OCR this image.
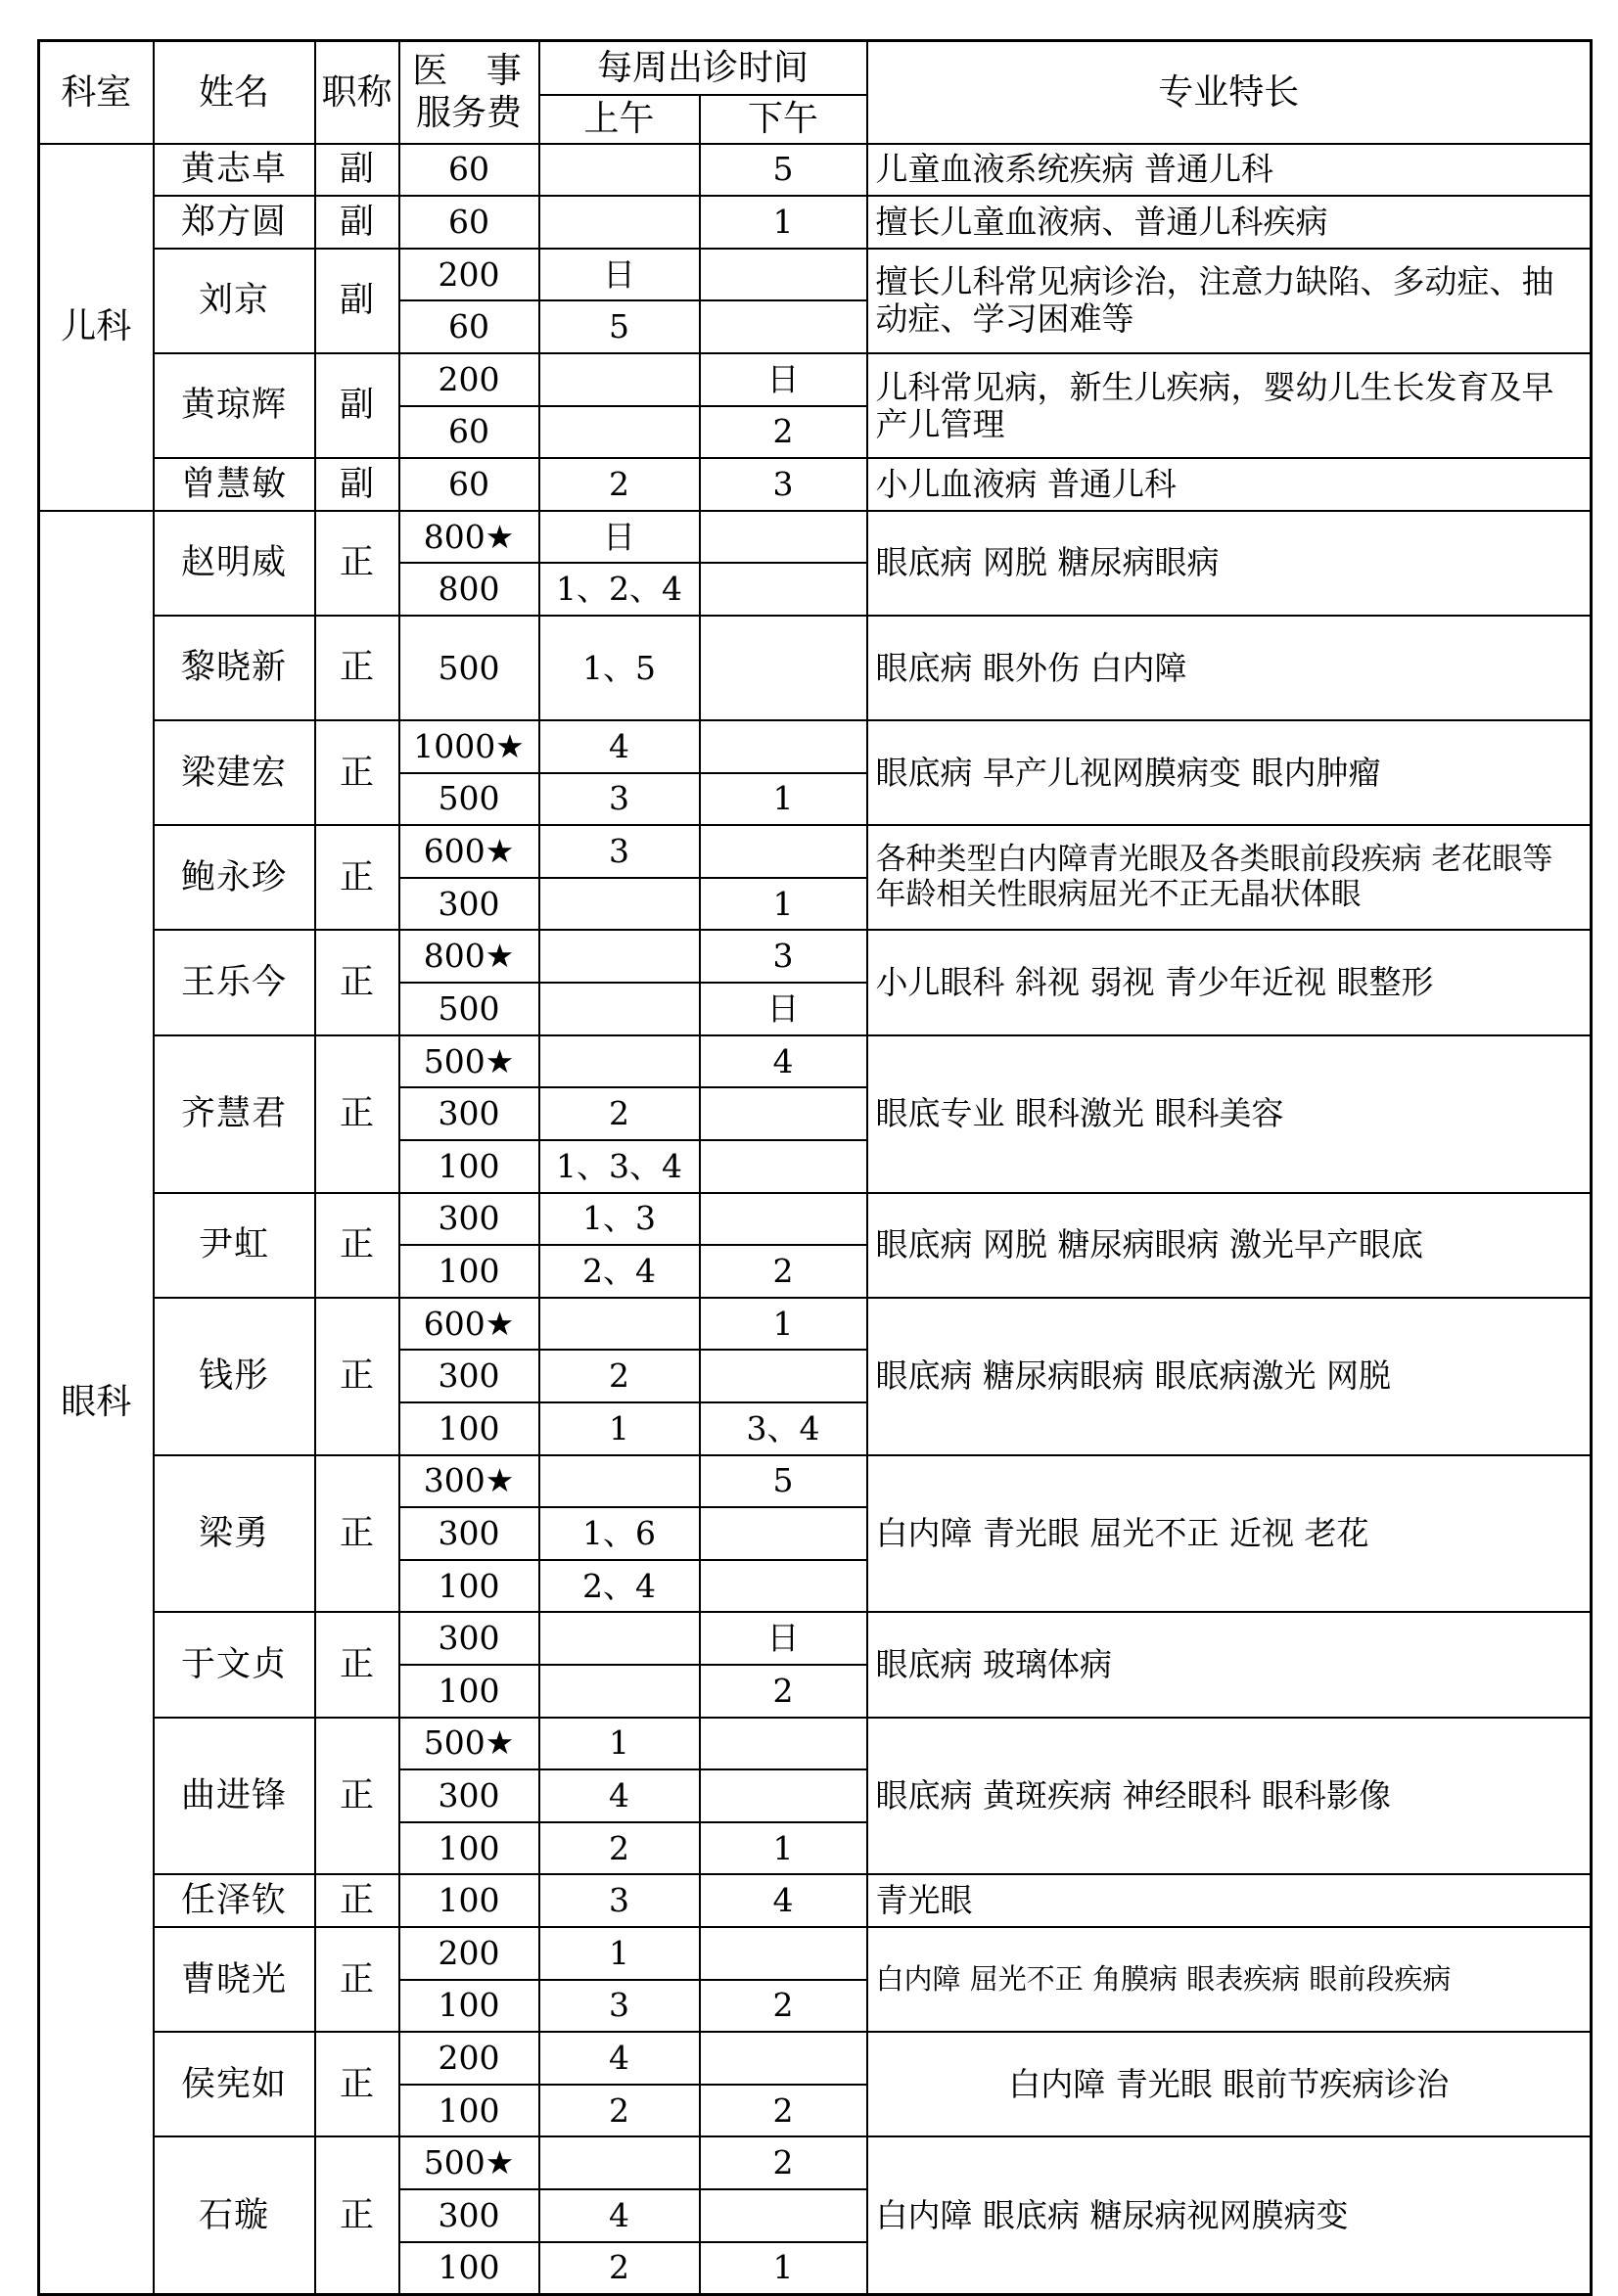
科室	姓名	职称	医 事
服务费	每周出诊时间		专业特长
				上午	下午	
儿科	黄志卓	副	60		5	儿童血液系统疾病 普通儿科
	郑方圆	副	60		1	擅长儿童血液病、普通儿科疾病
	刘京	副	200	日		擅长儿科常见病诊治，注意力缺陷、多动症、抽动症、学习困难等
			60	5		
	黄琼辉	副	200		日	儿科常见病，新生儿疾病，婴幼儿生长发育及早产儿管理
			60		2	
	曾慧敏	副	60	2	3	小儿血液病 普通儿科
眼科	赵明威	正	800★	日		眼底病 网脱 糖尿病眼病
			800	1、2、4		
	黎晓新	正	500	1、5		眼底病 眼外伤 白内障
	梁建宏	正	1000★	4		眼底病 早产儿视网膜病变 眼内肿瘤
			500	3	1	
	鲍永珍	正	600★	3		各种类型白内障青光眼及各类眼前段疾病 老花眼等年龄相关性眼病屈光不正无晶状体眼
			300		1	
	王乐今	正	800★		3	小儿眼科 斜视 弱视 青少年近视 眼整形
			500		日	
	齐慧君	正	500★		4	眼底专业 眼科激光 眼科美容
			300	2		
			100	1、3、4		
	尹虹	正	300	1、3		眼底病 网脱 糖尿病眼病 激光早产眼底
			100	2、4	2	
	钱彤	正	600★		1	眼底病 糖尿病眼病 眼底病激光 网脱
			300	2		
			100	1	3、4	
	梁勇	正	300★		5	白内障 青光眼 屈光不正 近视 老花
			300	1、6		
			100	2、4		
	于文贞	正	300		日	眼底病 玻璃体病
			100		2	
	曲进锋	正	500★	1		眼底病 黄斑疾病 神经眼科 眼科影像
			300	4		
			100	2	1	
	任泽钦	正	100	3	4	青光眼
	曹晓光	正	200	1		白内障 屈光不正 角膜病 眼表疾病 眼前段疾病
			100	3	2	
	侯宪如	正	200	4		白内障 青光眼 眼前节疾病诊治
			100	2	2	
	石璇	正	500★		2	白内障 眼底病 糖尿病视网膜病变
			300	4		
			100	2	1	
